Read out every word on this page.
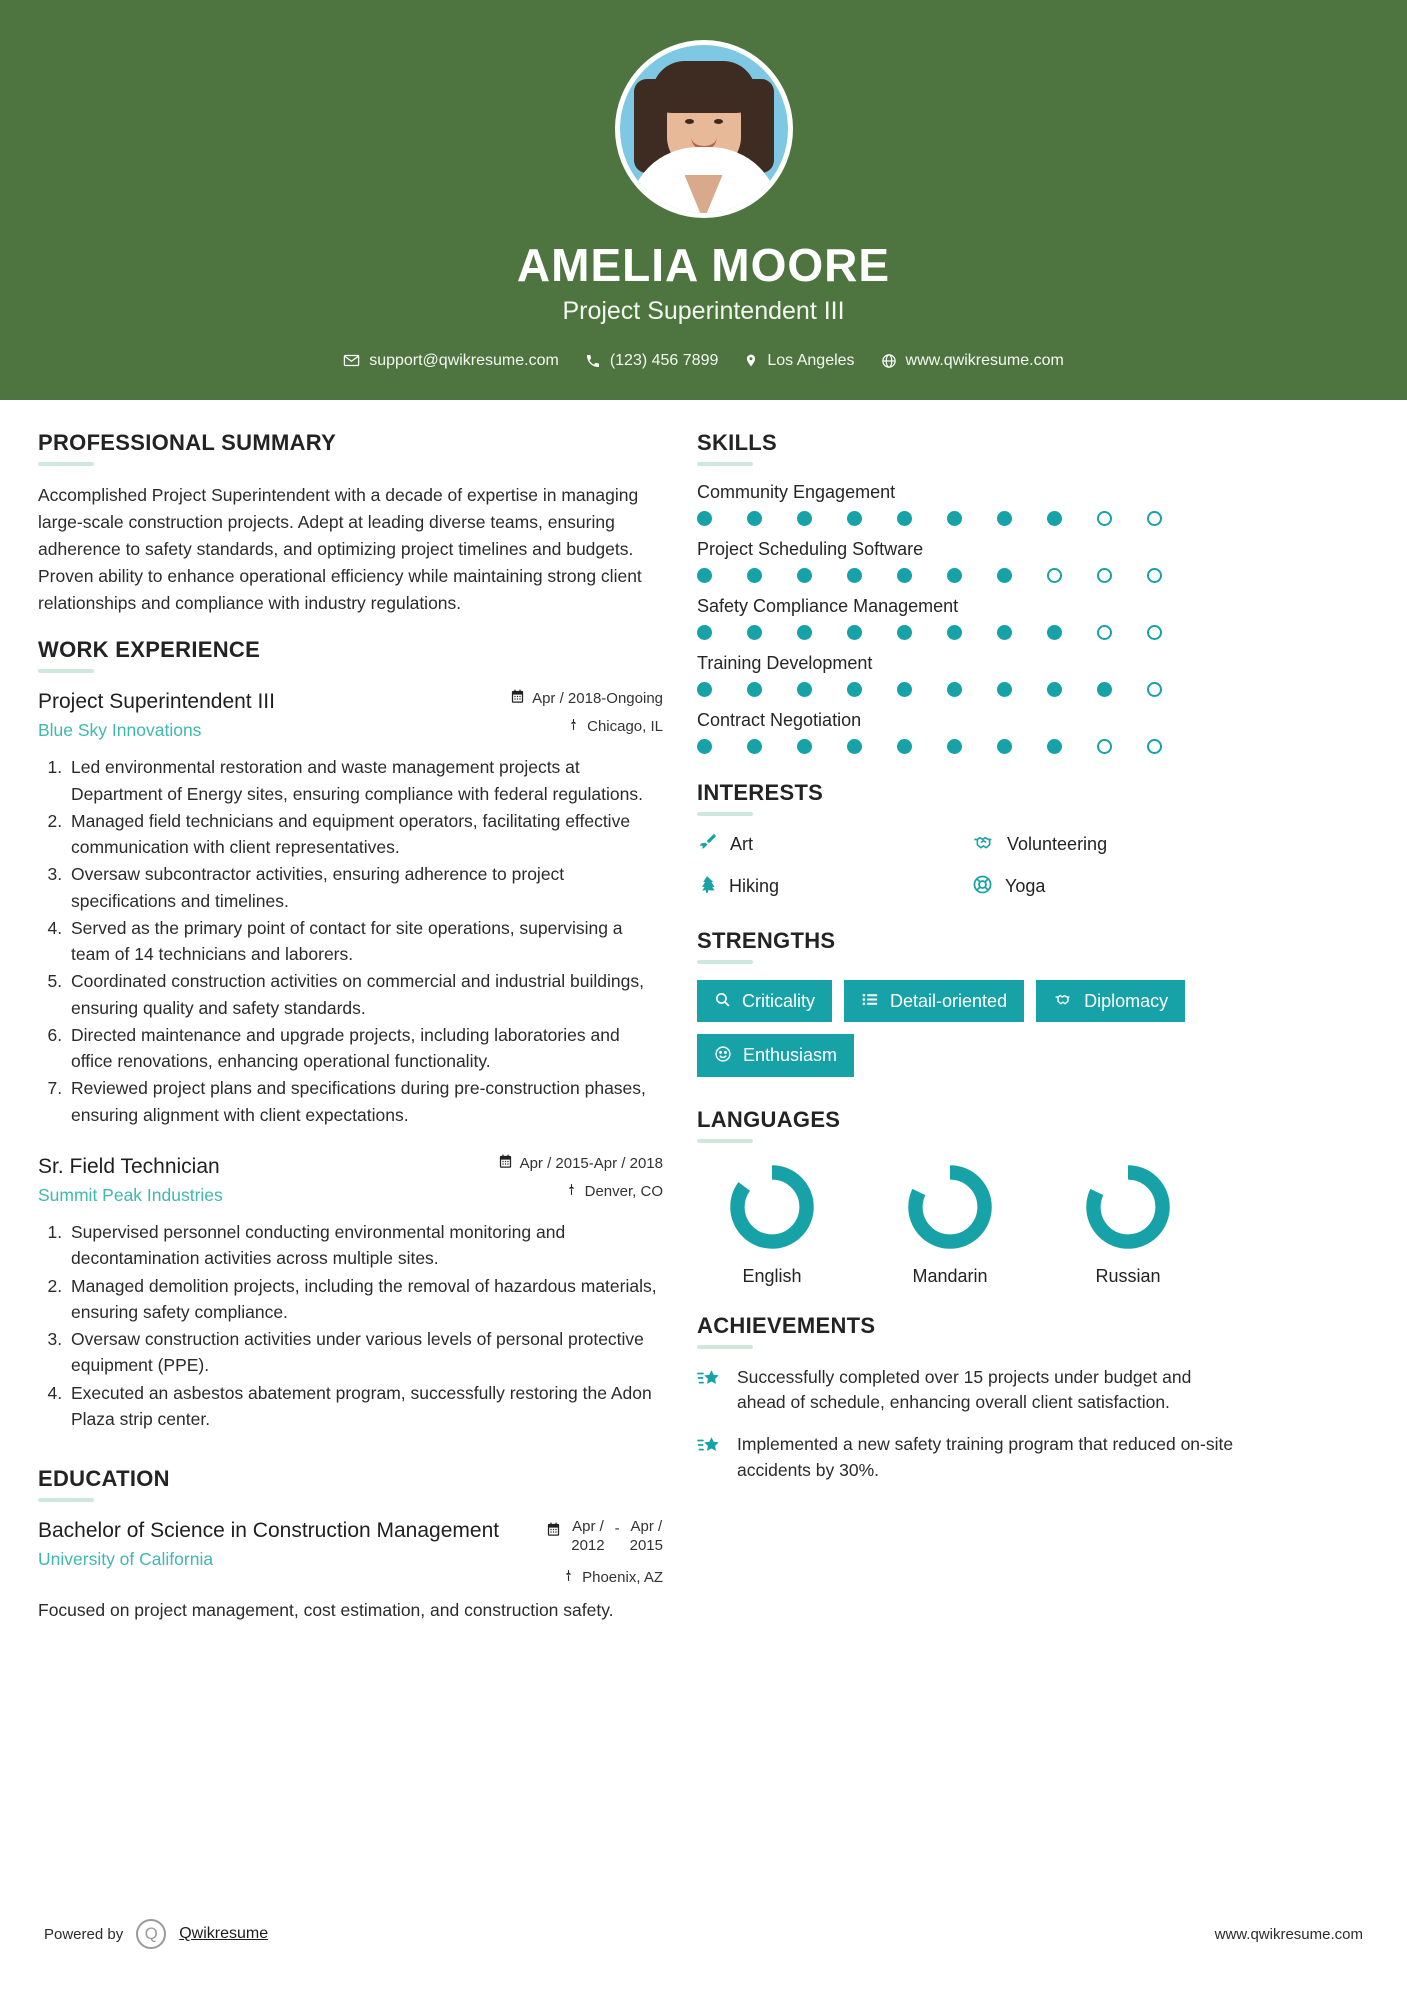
AMELIA MOORE
Project Superintendent III
support@qwikresume.com	(123) 456 7899	Los Angeles	www.qwikresume.com
PROFESSIONAL SUMMARY
Accomplished Project Superintendent with a decade of expertise in managing large-scale construction projects. Adept at leading diverse teams, ensuring adherence to safety standards, and optimizing project timelines and budgets. Proven ability to enhance operational efficiency while maintaining strong client relationships and compliance with industry regulations.
WORK EXPERIENCE
Project Superintendent III
Blue Sky Innovations
Apr / 2018-Ongoing
Chicago, IL
1. Led environmental restoration and waste management projects at Department of Energy sites, ensuring compliance with federal regulations.
2. Managed field technicians and equipment operators, facilitating effective communication with client representatives.
3. Oversaw subcontractor activities, ensuring adherence to project specifications and timelines.
4. Served as the primary point of contact for site operations, supervising a team of 14 technicians and laborers.
5. Coordinated construction activities on commercial and industrial buildings, ensuring quality and safety standards.
6. Directed maintenance and upgrade projects, including laboratories and office renovations, enhancing operational functionality.
7. Reviewed project plans and specifications during pre-construction phases, ensuring alignment with client expectations.
Sr. Field Technician
Summit Peak Industries
Apr / 2015-Apr / 2018
Denver, CO
1. Supervised personnel conducting environmental monitoring and decontamination activities across multiple sites.
2. Managed demolition projects, including the removal of hazardous materials, ensuring safety compliance.
3. Oversaw construction activities under various levels of personal protective equipment (PPE).
4. Executed an asbestos abatement program, successfully restoring the Adon Plaza strip center.
EDUCATION
Bachelor of Science in Construction Management
University of California
Apr /
2012
- Apr /
2015
Phoenix, AZ
Focused on project management, cost estimation, and construction safety.
SKILLS
Community Engagement
Project Scheduling Software
Safety Compliance Management
Training Development
Contract Negotiation
INTERESTS
Art	Volunteering
Hiking	Yoga
STRENGTHS
Criticality	Detail-oriented	Diplomacy
Enthusiasm
LANGUAGES
English	Mandarin	Russian
ACHIEVEMENTS
Successfully completed over 15 projects under budget and ahead of schedule, enhancing overall client satisfaction.
Implemented a new safety training program that reduced on-site accidents by 30%.
Powered by Q Qwikresume	www.qwikresume.com
